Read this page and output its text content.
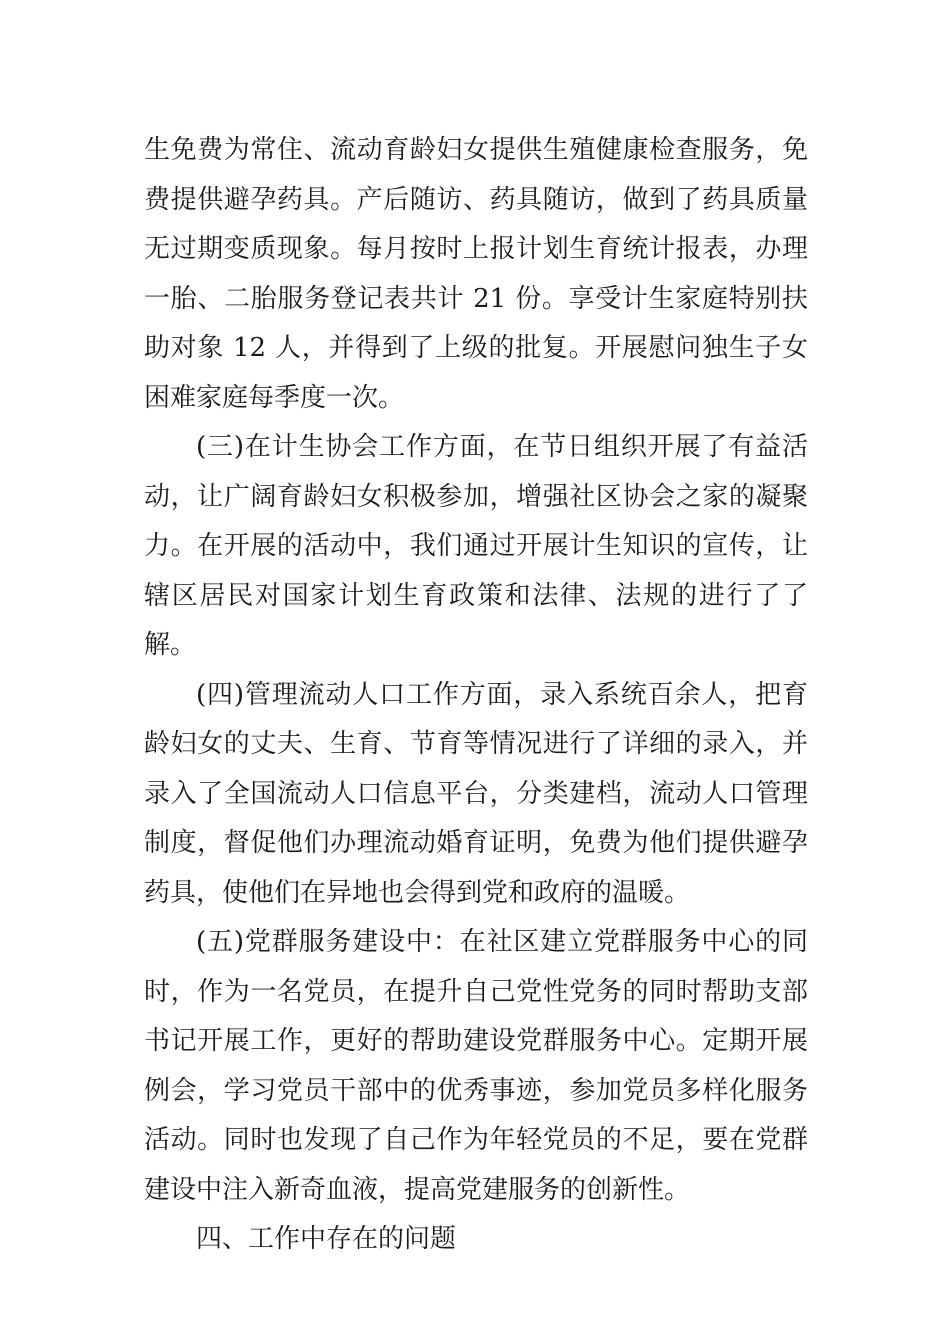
生免费为常住、流动育龄妇女提供生殖健康检查服务，免费提供避孕药具。产后随访、药具随访，做到了药具质量无过期变质现象。每月按时上报计划生育统计报表，办理一胎、二胎服务登记表共计 21 份。享受计生家庭特别扶助对象 12 人，并得到了上级的批复。开展慰问独生子女困难家庭每季度一次。

(三)在计生协会工作方面，在节日组织开展了有益活动，让广阔育龄妇女积极参加，增强社区协会之家的凝聚力。在开展的活动中，我们通过开展计生知识的宣传，让辖区居民对国家计划生育政策和法律、法规的进行了了解。

(四)管理流动人口工作方面，录入系统百余人，把育龄妇女的丈夫、生育、节育等情况进行了详细的录入，并录入了全国流动人口信息平台，分类建档，流动人口管理制度，督促他们办理流动婚育证明，免费为他们提供避孕药具，使他们在异地也会得到党和政府的温暖。

(五)党群服务建设中：在社区建立党群服务中心的同时，作为一名党员，在提升自己党性党务的同时帮助支部书记开展工作，更好的帮助建设党群服务中心。定期开展例会，学习党员干部中的优秀事迹，参加党员多样化服务活动。同时也发现了自己作为年轻党员的不足，要在党群建设中注入新奇血液，提高党建服务的创新性。

四、工作中存在的问题
